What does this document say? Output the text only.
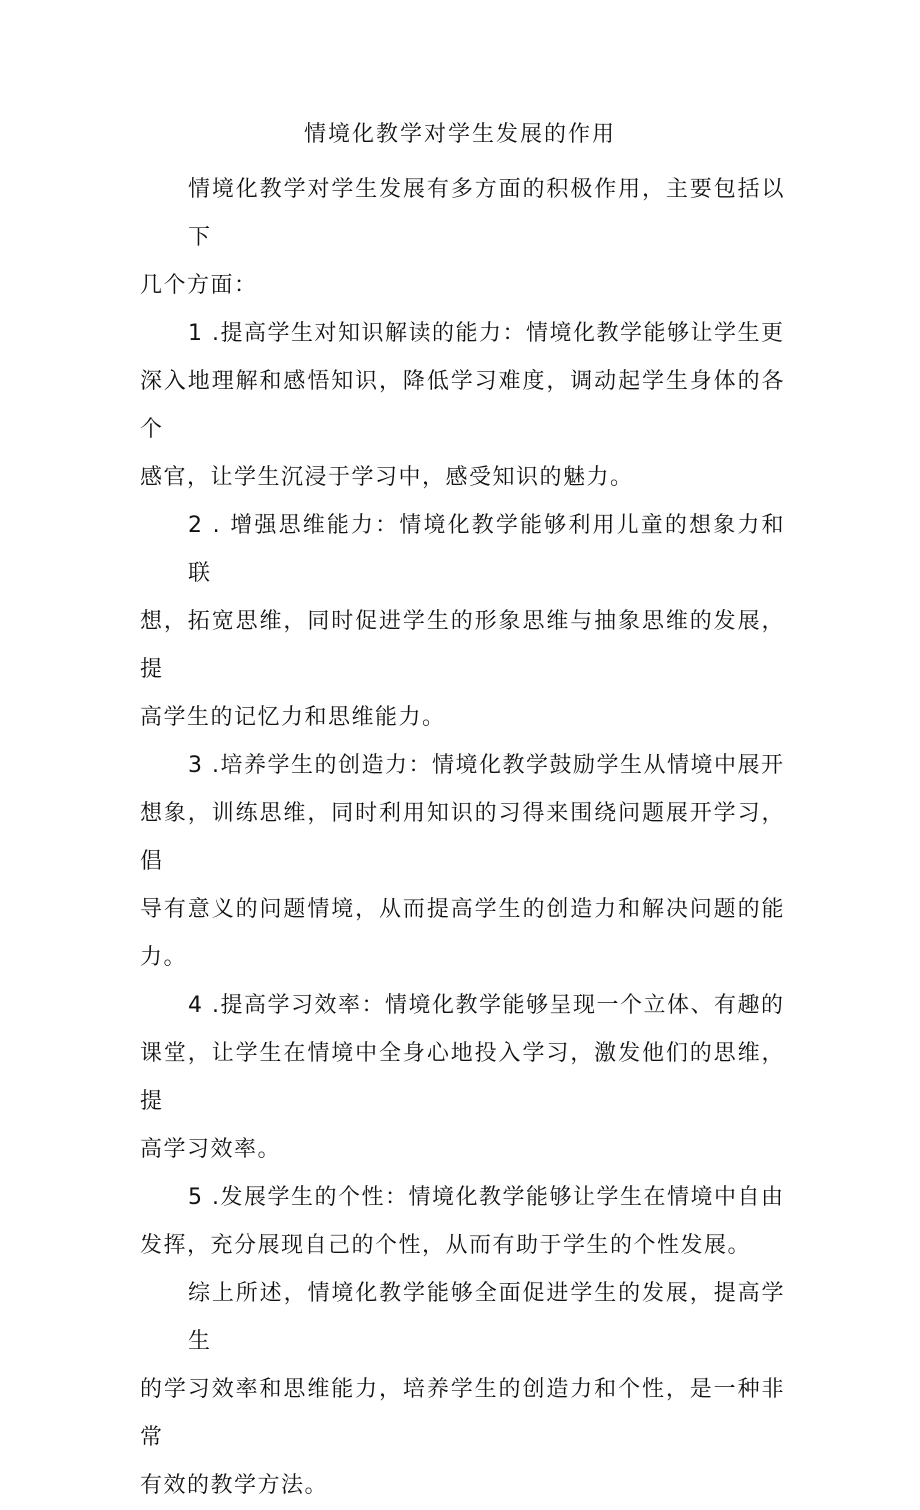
情境化教学对学生发展的作用

情境化教学对学生发展有多方面的积极作用，主要包括以下
几个方面：

1 .提高学生对知识解读的能力：情境化教学能够让学生更
深入地理解和感悟知识，降低学习难度，调动起学生身体的各个
感官，让学生沉浸于学习中，感受知识的魅力。

2 . 增强思维能力：情境化教学能够利用儿童的想象力和联
想，拓宽思维，同时促进学生的形象思维与抽象思维的发展，提
高学生的记忆力和思维能力。

3 .培养学生的创造力：情境化教学鼓励学生从情境中展开
想象，训练思维，同时利用知识的习得来围绕问题展开学习，倡
导有意义的问题情境，从而提高学生的创造力和解决问题的能力。

4 .提高学习效率：情境化教学能够呈现一个立体、有趣的
课堂，让学生在情境中全身心地投入学习，激发他们的思维，提
高学习效率。

5 .发展学生的个性：情境化教学能够让学生在情境中自由
发挥，充分展现自己的个性，从而有助于学生的个性发展。

综上所述，情境化教学能够全面促进学生的发展，提高学生
的学习效率和思维能力，培养学生的创造力和个性，是一种非常
有效的教学方法。
